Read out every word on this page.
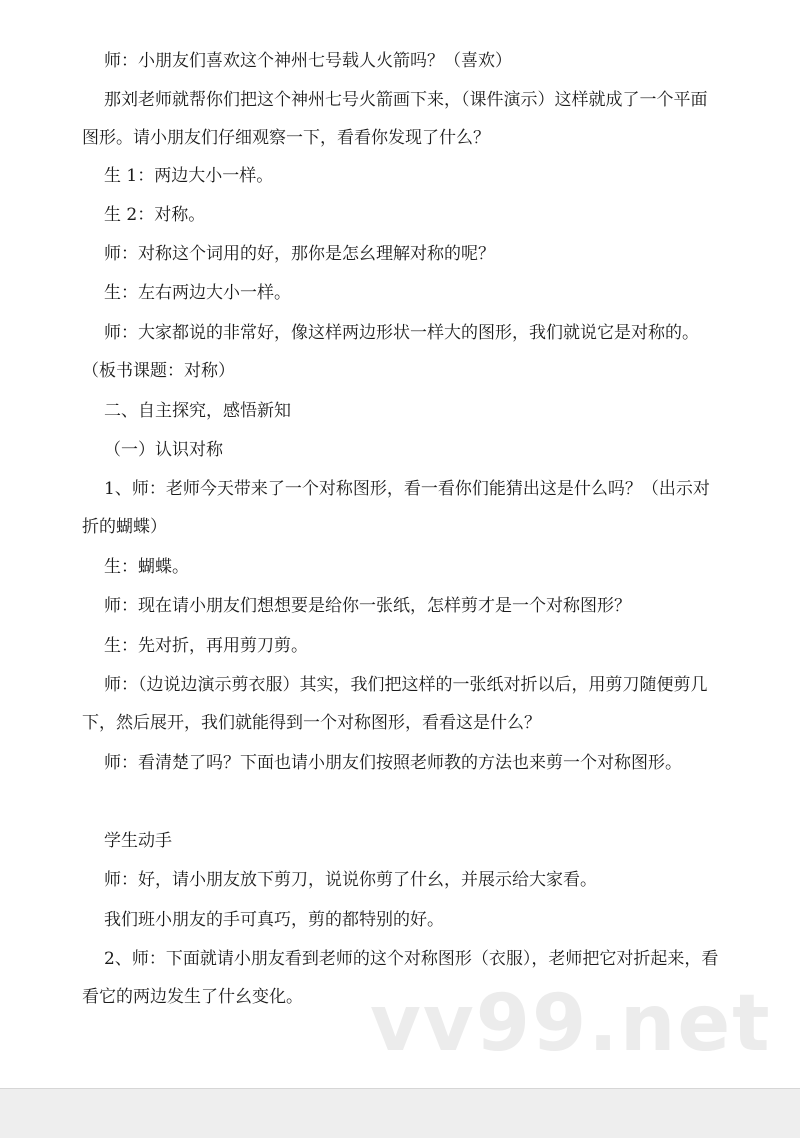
师：小朋友们喜欢这个神州七号载人火箭吗？（喜欢）

那刘老师就帮你们把这个神州七号火箭画下来，（课件演示）这样就成了一个平面图形。请小朋友们仔细观察一下，看看你发现了什么？

生 1：两边大小一样。

生 2：对称。

师：对称这个词用的好，那你是怎幺理解对称的呢？

生：左右两边大小一样。

师：大家都说的非常好，像这样两边形状一样大的图形，我们就说它是对称的。（板书课题：对称）

二、自主探究，感悟新知

（一）认识对称

1、师：老师今天带来了一个对称图形，看一看你们能猜出这是什么吗？（出示对折的蝴蝶）

生：蝴蝶。

师：现在请小朋友们想想要是给你一张纸，怎样剪才是一个对称图形？

生：先对折，再用剪刀剪。

师：（边说边演示剪衣服）其实，我们把这样的一张纸对折以后，用剪刀随便剪几下，然后展开，我们就能得到一个对称图形，看看这是什么？

师：看清楚了吗？下面也请小朋友们按照老师教的方法也来剪一个对称图形。

学生动手

师：好，请小朋友放下剪刀，说说你剪了什幺，并展示给大家看。

我们班小朋友的手可真巧，剪的都特别的好。

2、师：下面就请小朋友看到老师的这个对称图形（衣服），老师把它对折起来，看看它的两边发生了什幺变化。 vv99.net
